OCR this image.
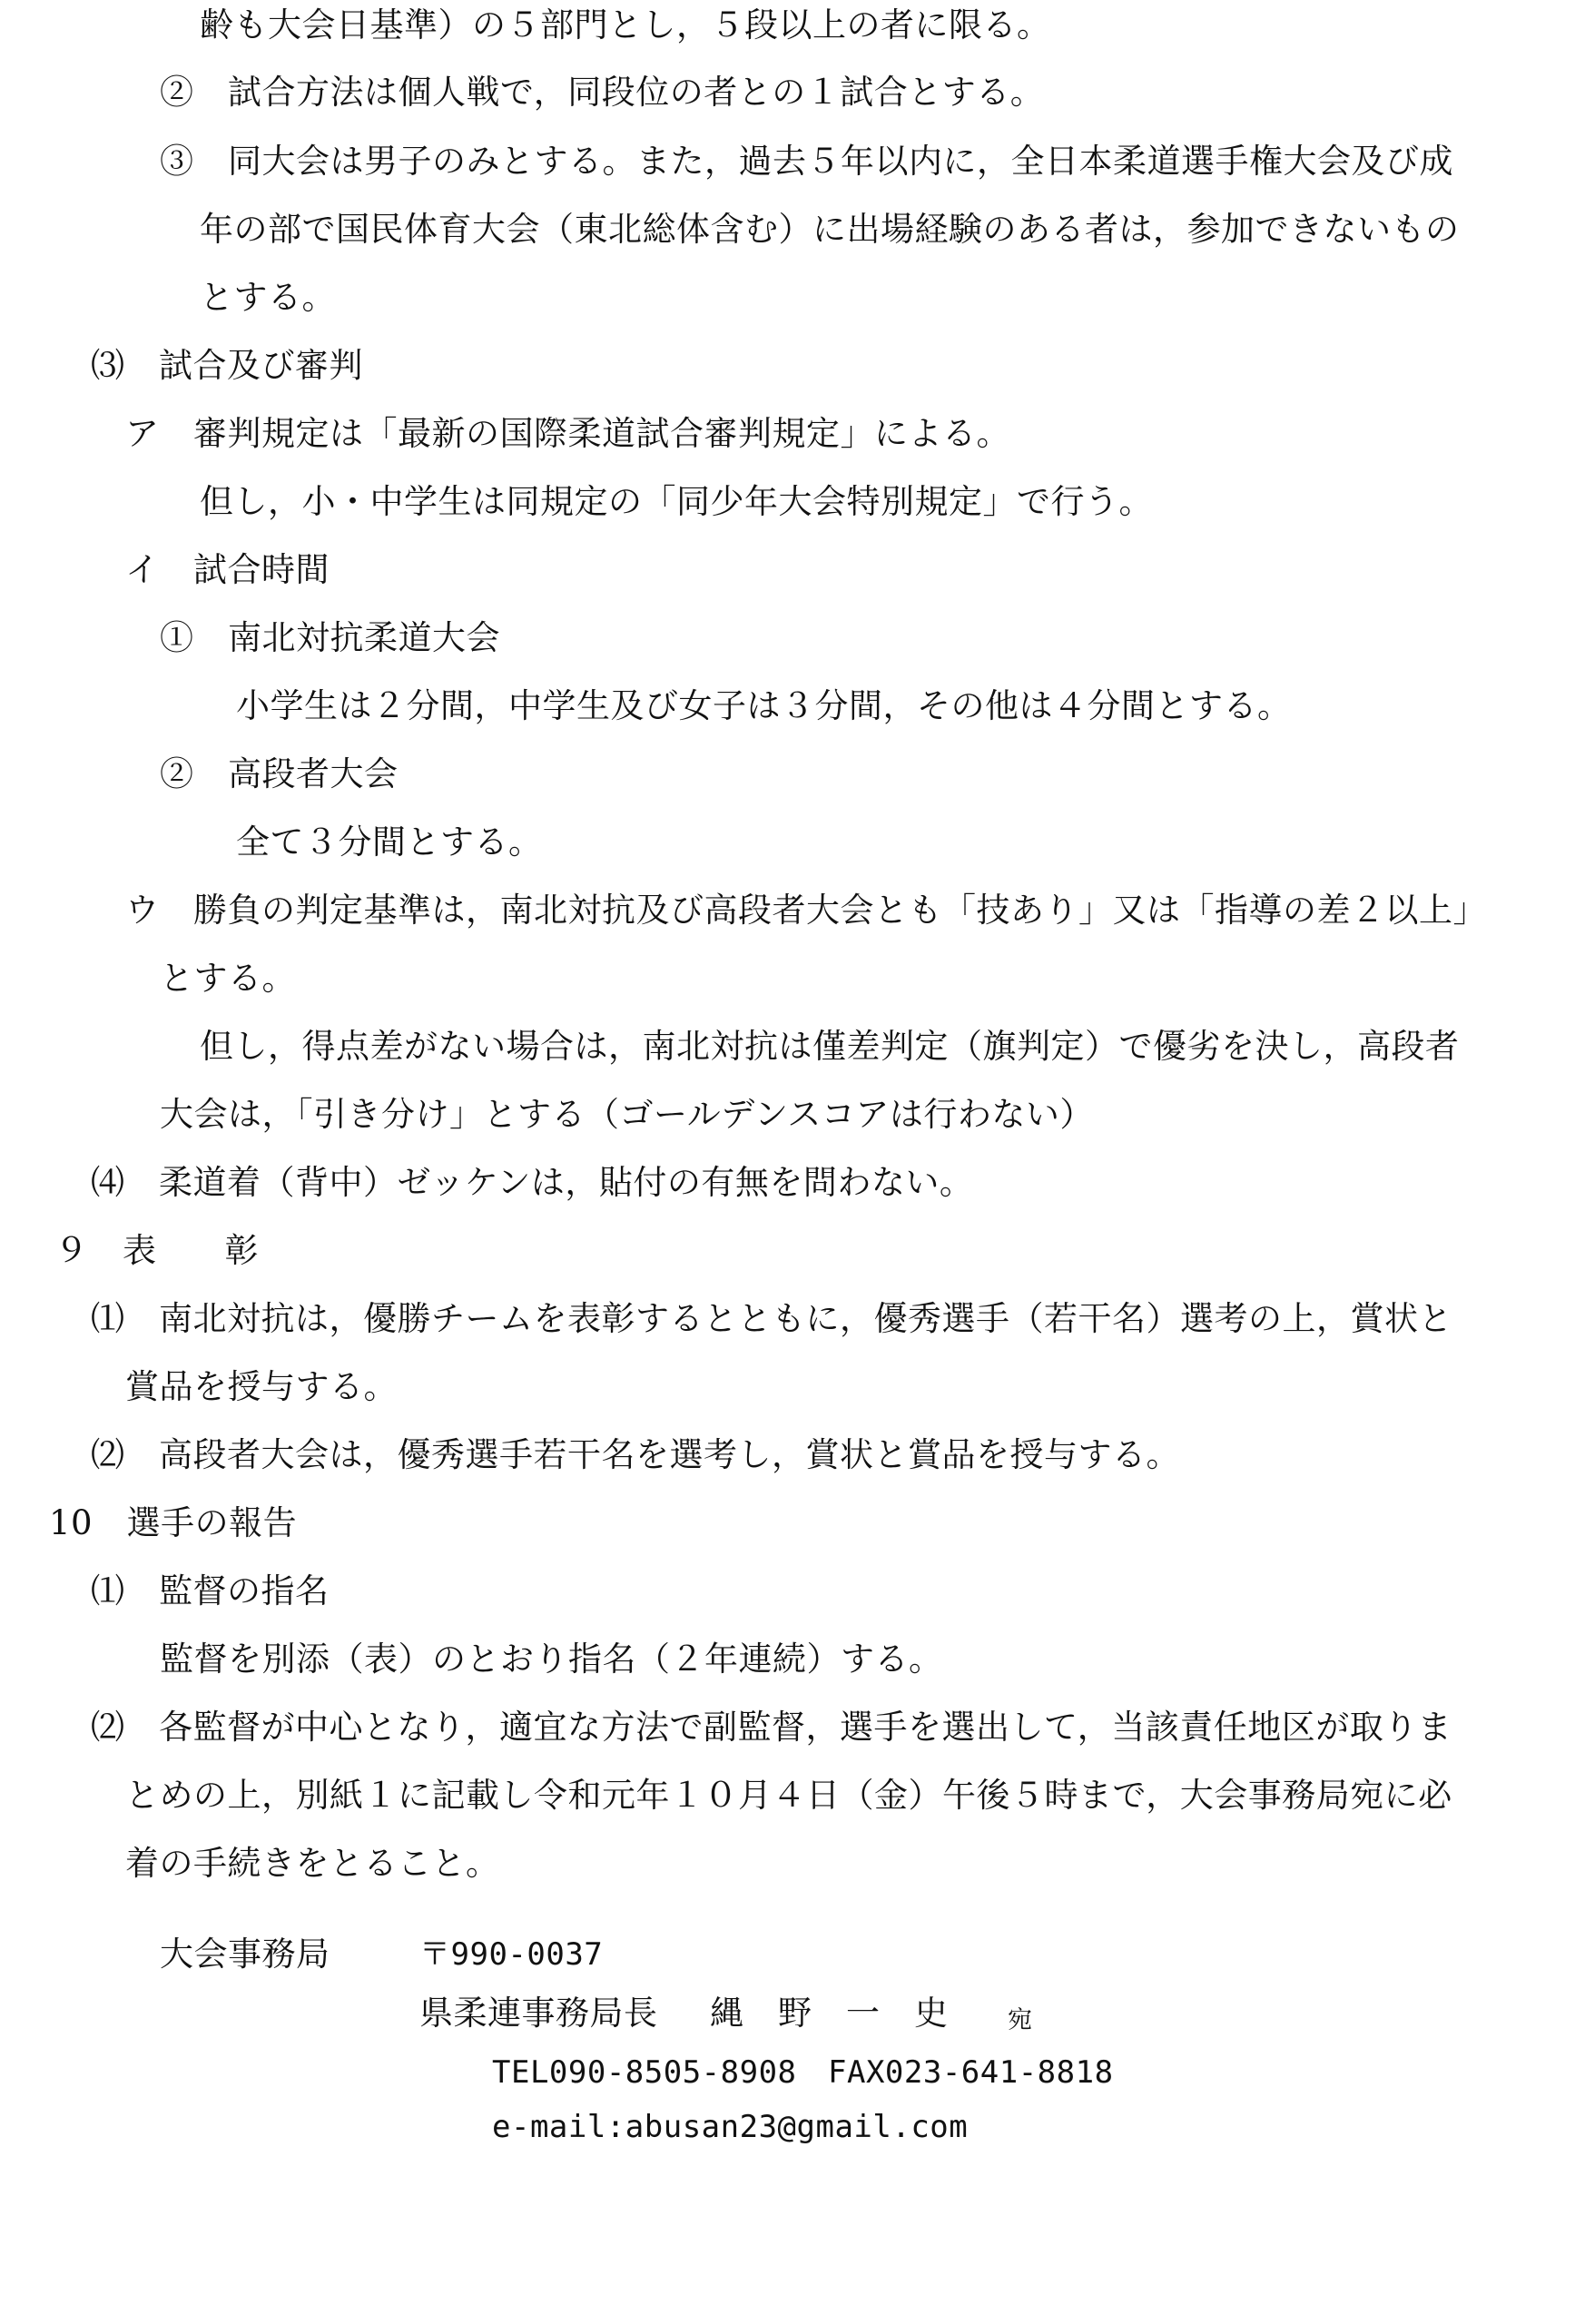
齢も大会日基準）の５部門とし，５段以上の者に限る。
②　試合方法は個人戦で，同段位の者との１試合とする。
③　同大会は男子のみとする。また，過去５年以内に，全日本柔道選手権大会及び成
年の部で国民体育大会（東北総体含む）に出場経験のある者は，参加できないもの
とする。
⑶　試合及び審判
ア　審判規定は「最新の国際柔道試合審判規定」による。
但し，小・中学生は同規定の「同少年大会特別規定」で行う。
イ　試合時間
①　南北対抗柔道大会
小学生は２分間，中学生及び女子は３分間，その他は４分間とする。
②　高段者大会
全て３分間とする。
ウ　勝負の判定基準は，南北対抗及び高段者大会とも「技あり」又は「指導の差２以上」
とする。
但し，得点差がない場合は，南北対抗は僅差判定（旗判定）で優劣を決し，高段者
大会は，「引き分け」とする（ゴールデンスコアは行わない）
⑷　柔道着（背中）ゼッケンは，貼付の有無を問わない。
９　表　　彰
⑴　南北対抗は，優勝チームを表彰するとともに，優秀選手（若干名）選考の上，賞状と
賞品を授与する。
⑵　高段者大会は，優秀選手若干名を選考し，賞状と賞品を授与する。
10　選手の報告
⑴　監督の指名
監督を別添（表）のとおり指名（２年連続）する。
⑵　各監督が中心となり，適宜な方法で副監督，選手を選出して，当該責任地区が取りま
とめの上，別紙１に記載し令和元年１０月４日（金）午後５時まで，大会事務局宛に必
着の手続きをとること。
大会事務局	〒990-0037
県柔連事務局長 縄　野　一　史 宛
TEL090-8505-8908　FAX023-641-8818
e-mail:abusan23@gmail.com
